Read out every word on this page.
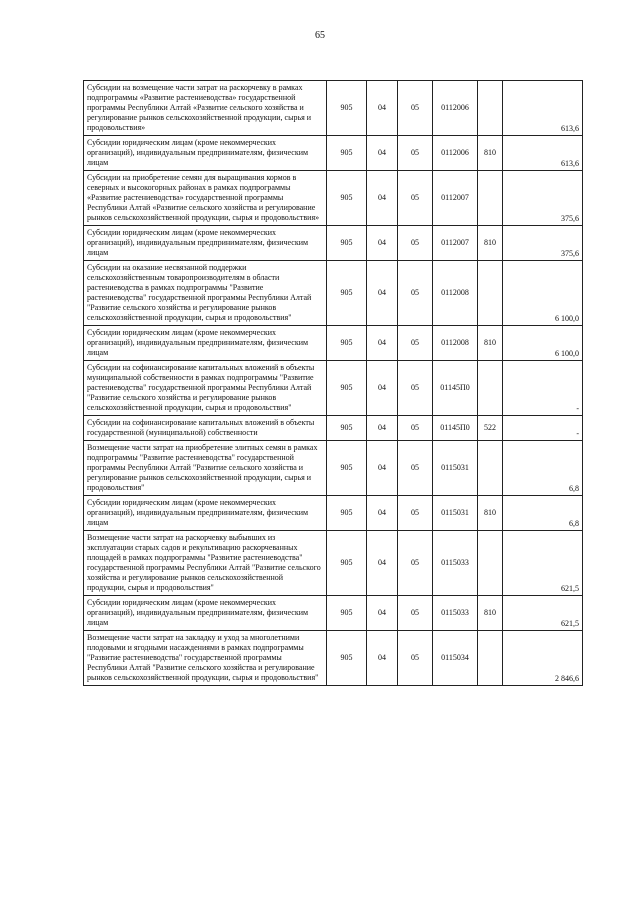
65
Субсидии на возмещение части затрат на раскорчевку в рамках подпрограммы «Развитие растениеводства» государственной программы Республики Алтай «Развитие сельского хозяйства и регулирование рынков сельскохозяйственной продукции, сырья и продовольствия»	905	04	05	0112006		613,6
Субсидии юридическим лицам (кроме некоммерческих организаций), индивидуальным предпринимателям, физическим лицам	905	04	05	0112006	810	613,6
Субсидии на приобретение семян для выращивания кормов в северных и высокогорных районах в рамках подпрограммы «Развитие растениеводства» государственной программы Республики Алтай «Развитие сельского хозяйства и регулирование рынков сельскохозяйственной продукции, сырья и продовольствия»	905	04	05	0112007		375,6
Субсидии юридическим лицам (кроме некоммерческих организаций), индивидуальным предпринимателям, физическим лицам	905	04	05	0112007	810	375,6
Субсидии на оказание несвязанной поддержки сельскохозяйственным товаропроизводителям в области растениеводства в рамках подпрограммы "Развитие растениеводства" государственной программы Республики Алтай "Развитие сельского хозяйства и регулирование рынков сельскохозяйственной продукции, сырья и продовольствия"	905	04	05	0112008		6 100,0
Субсидии юридическим лицам (кроме некоммерческих организаций), индивидуальным предпринимателям, физическим лицам	905	04	05	0112008	810	6 100,0
Субсидии на софинансирование капитальных вложений в объекты муниципальной собственности в рамках подпрограммы "Развитие растениеводства" государственной программы Республики Алтай "Развитие сельского хозяйства и регулирование рынков сельскохозяйственной продукции, сырья и продовольствия"	905	04	05	01145П0		-
Субсидии на софинансирование капитальных вложений в объекты государственной (муниципальной) собственности	905	04	05	01145П0	522	-
Возмещение части затрат на приобретение элитных семян в рамках подпрограммы "Развитие растениеводства" государственной программы Республики Алтай "Развитие сельского хозяйства и регулирование рынков сельскохозяйственной продукции, сырья и продовольствия"	905	04	05	0115031		6,8
Субсидии юридическим лицам (кроме некоммерческих организаций), индивидуальным предпринимателям, физическим лицам	905	04	05	0115031	810	6,8
Возмещение части затрат на раскорчевку выбывших из эксплуатации старых садов и рекультивацию раскорчеванных площадей в рамках подпрограммы "Развитие растениеводства" государственной программы Республики Алтай "Развитие сельского хозяйства и регулирование рынков сельскохозяйственной продукции, сырья и продовольствия"	905	04	05	0115033		621,5
Субсидии юридическим лицам (кроме некоммерческих организаций), индивидуальным предпринимателям, физическим лицам	905	04	05	0115033	810	621,5
Возмещение части затрат на закладку и уход за многолетними плодовыми и ягодными насаждениями в рамках подпрограммы "Развитие растениеводства" государственной программы Республики Алтай "Развитие сельского хозяйства и регулирование рынков сельскохозяйственной продукции, сырья и продовольствия"	905	04	05	0115034		2 846,6
